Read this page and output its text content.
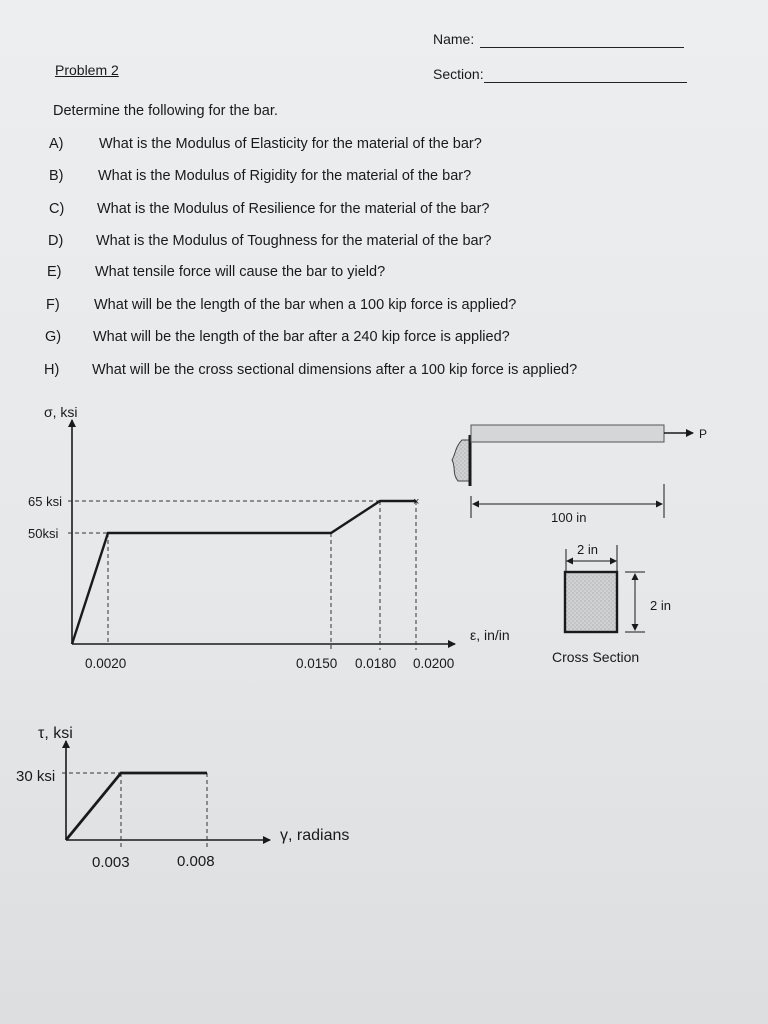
Name:
Section:
Problem 2
Determine the following for the bar.
A) What is the Modulus of Elasticity for the material of the bar?
B) What is the Modulus of Rigidity for the material of the bar?
C) What is the Modulus of Resilience for the material of the bar?
D) What is the Modulus of Toughness for the material of the bar?
E) What tensile force will cause the bar to yield?
F) What will be the length of the bar when a 100 kip force is applied?
G) What will be the length of the bar after a 240 kip force is applied?
H) What will be the cross sectional dimensions after a 100 kip force is applied?
σ, ksi
ε, in/in
65 ksi
50ksi
×
0.0020	0.0150 0.0180 0.0200
P
100 in
2 in
2 in
Cross Section
τ, ksi
γ, radians
30 ksi
0.003	0.008
